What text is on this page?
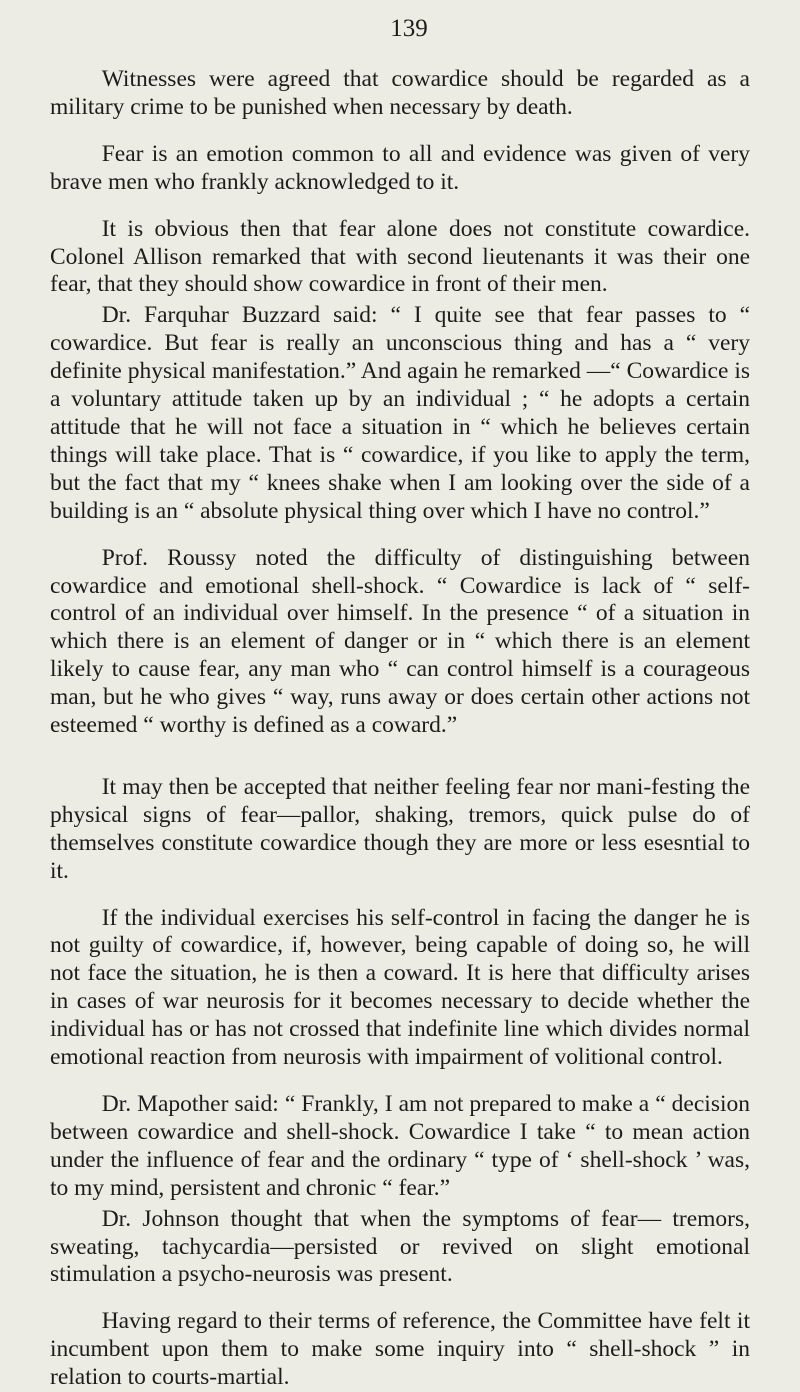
139

Witnesses were agreed that cowardice should be regarded as a military crime to be punished when necessary by death.

Fear is an emotion common to all and evidence was given of very brave men who frankly acknowledged to it.

It is obvious then that fear alone does not constitute cowardice. Colonel Allison remarked that with second lieutenants it was their one fear, that they should show cowardice in front of their men.

Dr. Farquhar Buzzard said: “ I quite see that fear passes to “ cowardice. But fear is really an unconscious thing and has a “ very definite physical manifestation.” And again he remarked —“ Cowardice is a voluntary attitude taken up by an individual ; “ he adopts a certain attitude that he will not face a situation in “ which he believes certain things will take place. That is “ cowardice, if you like to apply the term, but the fact that my “ knees shake when I am looking over the side of a building is an “ absolute physical thing over which I have no control.”

Prof. Roussy noted the difficulty of distinguishing between cowardice and emotional shell-shock. “ Cowardice is lack of “ self-control of an individual over himself. In the presence “ of a situation in which there is an element of danger or in “ which there is an element likely to cause fear, any man who “ can control himself is a courageous man, but he who gives “ way, runs away or does certain other actions not esteemed “ worthy is defined as a coward.”

It may then be accepted that neither feeling fear nor mani-festing the physical signs of fear—pallor, shaking, tremors, quick pulse do of themselves constitute cowardice though they are more or less esesntial to it.

If the individual exercises his self-control in facing the danger he is not guilty of cowardice, if, however, being capable of doing so, he will not face the situation, he is then a coward. It is here that difficulty arises in cases of war neurosis for it becomes necessary to decide whether the individual has or has not crossed that indefinite line which divides normal emotional reaction from neurosis with impairment of volitional control.

Dr. Mapother said: “ Frankly, I am not prepared to make a “ decision between cowardice and shell-shock. Cowardice I take “ to mean action under the influence of fear and the ordinary “ type of ‘ shell-shock ’ was, to my mind, persistent and chronic “ fear.”

Dr. Johnson thought that when the symptoms of fear— tremors, sweating, tachycardia—persisted or revived on slight emotional stimulation a psycho-neurosis was present.

Having regard to their terms of reference, the Committee have felt it incumbent upon them to make some inquiry into “ shell-shock ” in relation to courts-martial.
